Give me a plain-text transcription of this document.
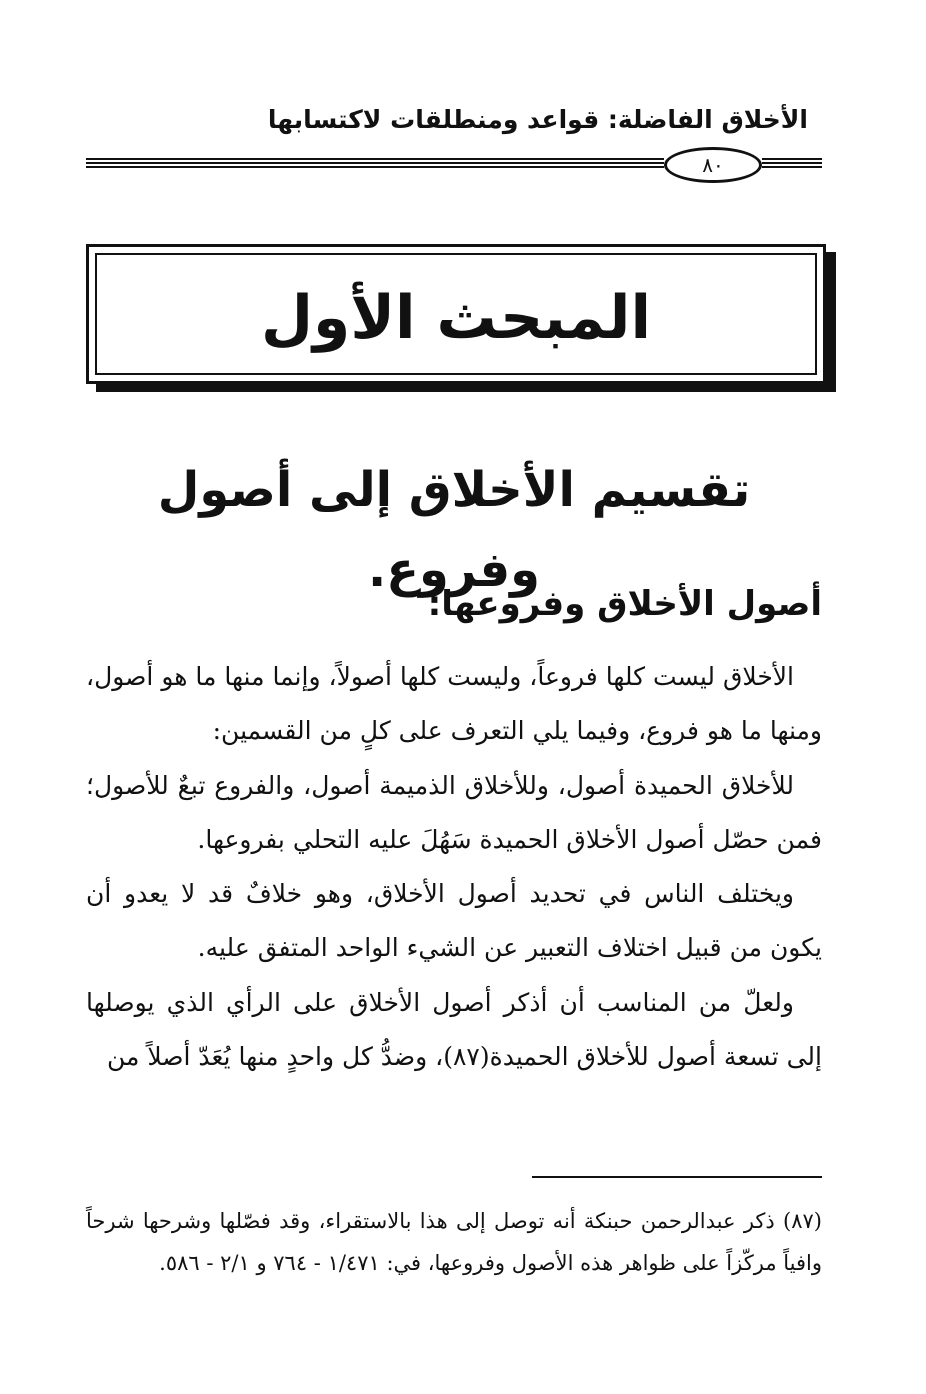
الأخلاق الفاضلة: قواعد ومنطلقات لاكتسابها
٨٠
المبحث الأول
تقسيم الأخلاق إلى أصول وفروع.
أصول الأخلاق وفروعها:

الأخلاق ليست كلها فروعاً، وليست كلها أصولاً، وإنما منها ما هو أصول، ومنها ما هو فروع، وفيما يلي التعرف على كلٍ من القسمين:

للأخلاق الحميدة أصول، وللأخلاق الذميمة أصول، والفروع تبعٌ للأصول؛ فمن حصّل أصول الأخلاق الحميدة سَهُلَ عليه التحلي بفروعها.

ويختلف الناس في تحديد أصول الأخلاق، وهو خلافٌ قد لا يعدو أن يكون من قبيل اختلاف التعبير عن الشيء الواحد المتفق عليه.

ولعلّ من المناسب أن أذكر أصول الأخلاق على الرأي الذي يوصلها إلى تسعة أصول للأخلاق الحميدة(٨٧)، وضدُّ كل واحدٍ منها يُعَدّ أصلاً من

(٨٧) ذكر عبدالرحمن حبنكة أنه توصل إلى هذا بالاستقراء، وقد فصّلها وشرحها شرحاً وافياً مركّزاً على ظواهر هذه الأصول وفروعها، في: ١/٤٧١ - ٧٦٤ و ٢/١ - ٥٨٦.
